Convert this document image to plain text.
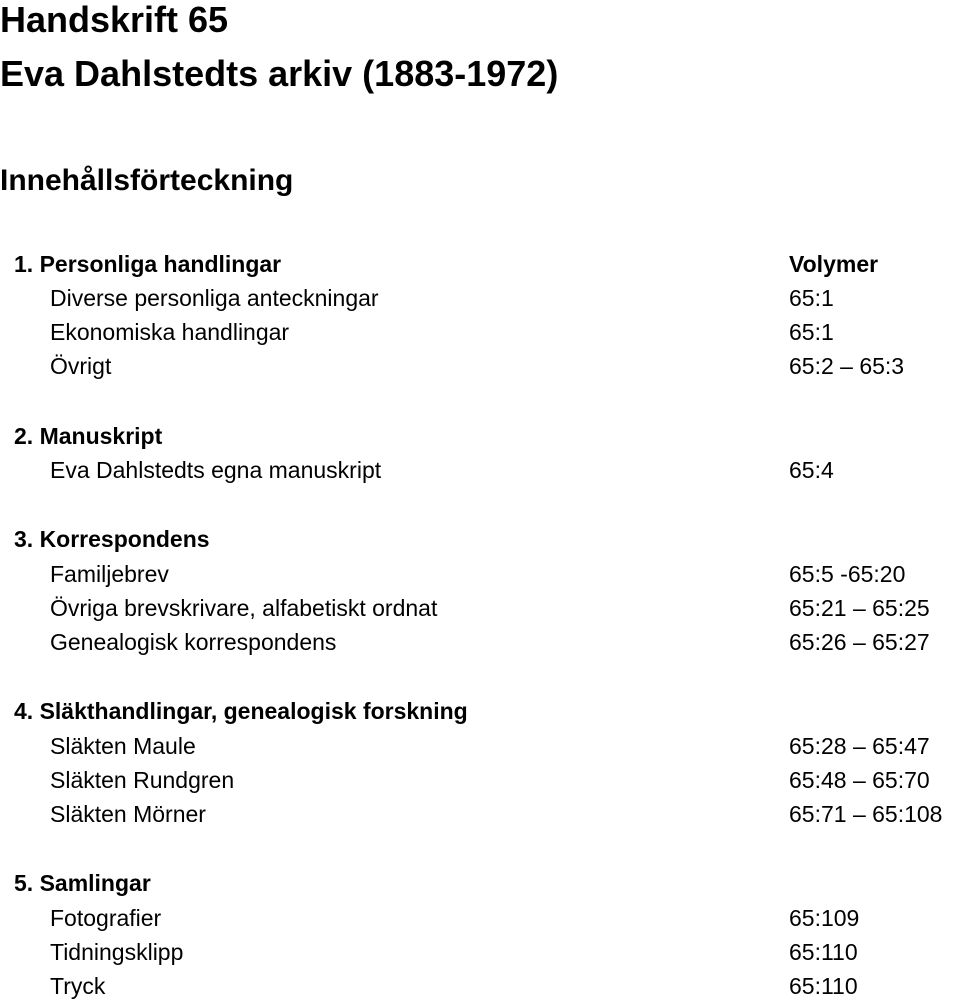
Handskrift 65
Eva Dahlstedts arkiv (1883-1972)
Innehållsförteckning
1. Personliga handlingar	Volymer
Diverse personliga anteckningar	65:1
Ekonomiska handlingar	65:1
Övrigt	65:2 – 65:3
2. Manuskript
Eva Dahlstedts egna manuskript	65:4
3. Korrespondens
Familjebrev	65:5 -65:20
Övriga brevskrivare, alfabetiskt ordnat	65:21 – 65:25
Genealogisk korrespondens	65:26 – 65:27
4. Släkthandlingar, genealogisk forskning
Släkten Maule	65:28 – 65:47
Släkten Rundgren	65:48 – 65:70
Släkten Mörner	65:71 – 65:108
5. Samlingar
Fotografier	65:109
Tidningsklipp	65:110
Tryck	65:110
